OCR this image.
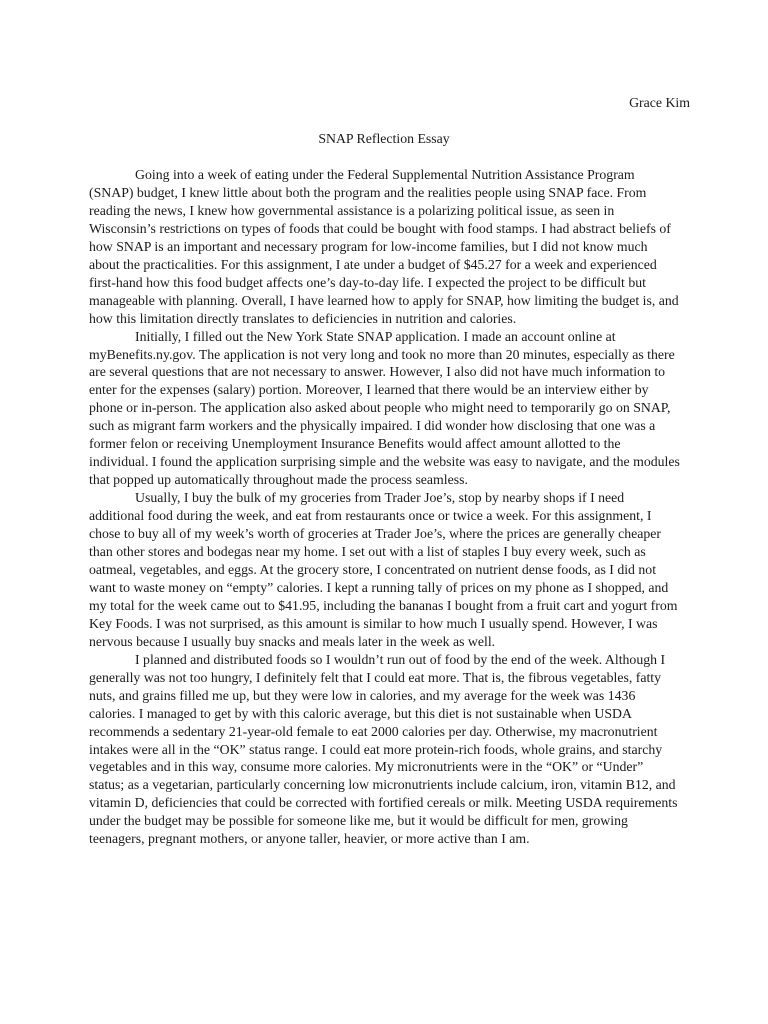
Grace Kim
SNAP Reflection Essay

Going into a week of eating under the Federal Supplemental Nutrition Assistance Program (SNAP) budget, I knew little about both the program and the realities people using SNAP face. From reading the news, I knew how governmental assistance is a polarizing political issue, as seen in Wisconsin’s restrictions on types of foods that could be bought with food stamps. I had abstract beliefs of how SNAP is an important and necessary program for low-income families, but I did not know much about the practicalities. For this assignment, I ate under a budget of $45.27 for a week and experienced first-hand how this food budget affects one’s day-to-day life. I expected the project to be difficult but manageable with planning. Overall, I have learned how to apply for SNAP, how limiting the budget is, and how this limitation directly translates to deficiencies in nutrition and calories.

Initially, I filled out the New York State SNAP application. I made an account online at myBenefits.ny.gov. The application is not very long and took no more than 20 minutes, especially as there are several questions that are not necessary to answer. However, I also did not have much information to enter for the expenses (salary) portion. Moreover, I learned that there would be an interview either by phone or in-person. The application also asked about people who might need to temporarily go on SNAP, such as migrant farm workers and the physically impaired. I did wonder how disclosing that one was a former felon or receiving Unemployment Insurance Benefits would affect amount allotted to the individual. I found the application surprising simple and the website was easy to navigate, and the modules that popped up automatically throughout made the process seamless.

Usually, I buy the bulk of my groceries from Trader Joe’s, stop by nearby shops if I need additional food during the week, and eat from restaurants once or twice a week. For this assignment, I chose to buy all of my week’s worth of groceries at Trader Joe’s, where the prices are generally cheaper than other stores and bodegas near my home. I set out with a list of staples I buy every week, such as oatmeal, vegetables, and eggs. At the grocery store, I concentrated on nutrient dense foods, as I did not want to waste money on “empty” calories. I kept a running tally of prices on my phone as I shopped, and my total for the week came out to $41.95, including the bananas I bought from a fruit cart and yogurt from Key Foods. I was not surprised, as this amount is similar to how much I usually spend. However, I was nervous because I usually buy snacks and meals later in the week as well.

I planned and distributed foods so I wouldn’t run out of food by the end of the week. Although I generally was not too hungry, I definitely felt that I could eat more. That is, the fibrous vegetables, fatty nuts, and grains filled me up, but they were low in calories, and my average for the week was 1436 calories. I managed to get by with this caloric average, but this diet is not sustainable when USDA recommends a sedentary 21-year-old female to eat 2000 calories per day. Otherwise, my macronutrient intakes were all in the “OK” status range. I could eat more protein-rich foods, whole grains, and starchy vegetables and in this way, consume more calories. My micronutrients were in the “OK” or “Under” status; as a vegetarian, particularly concerning low micronutrients include calcium, iron, vitamin B12, and vitamin D, deficiencies that could be corrected with fortified cereals or milk. Meeting USDA requirements under the budget may be possible for someone like me, but it would be difficult for men, growing teenagers, pregnant mothers, or anyone taller, heavier, or more active than I am.
